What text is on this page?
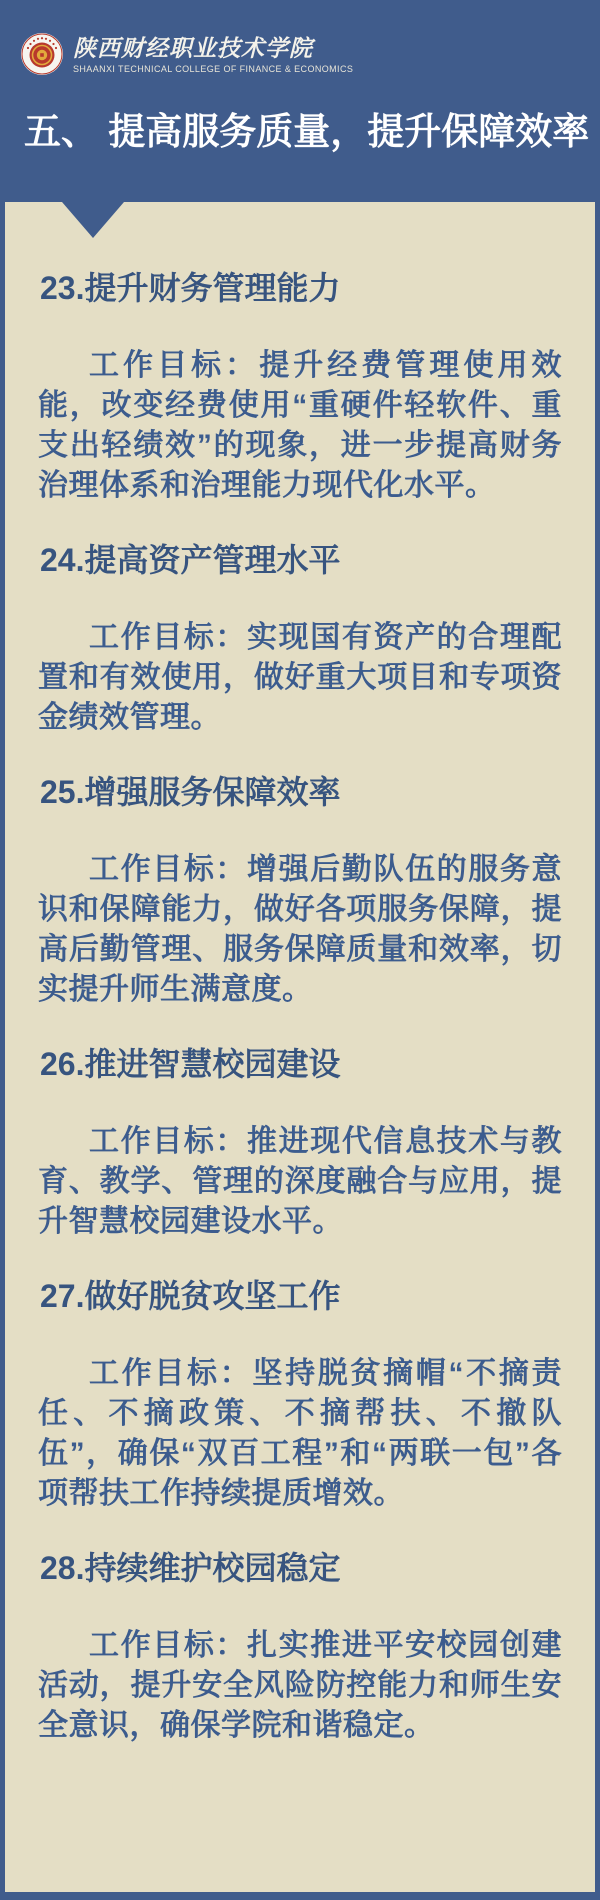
陕西财经职业技术学院
SHAANXI TECHNICAL COLLEGE OF FINANCE & ECONOMICS
五、 提高服务质量，提升保障效率
23.提升财务管理能力

工作目标：提升经费管理使用效能，改变经费使用“重硬件轻软件、重支出轻绩效”的现象，进一步提高财务治理体系和治理能力现代化水平。

24.提高资产管理水平

工作目标：实现国有资产的合理配置和有效使用，做好重大项目和专项资金绩效管理。

25.增强服务保障效率

工作目标：增强后勤队伍的服务意识和保障能力，做好各项服务保障，提高后勤管理、服务保障质量和效率，切实提升师生满意度。

26.推进智慧校园建设

工作目标：推进现代信息技术与教育、教学、管理的深度融合与应用，提升智慧校园建设水平。

27.做好脱贫攻坚工作

工作目标：坚持脱贫摘帽“不摘责任、不摘政策、不摘帮扶、不撤队伍”，确保“双百工程”和“两联一包”各项帮扶工作持续提质增效。

28.持续维护校园稳定

工作目标：扎实推进平安校园创建活动，提升安全风险防控能力和师生安全意识，确保学院和谐稳定。
